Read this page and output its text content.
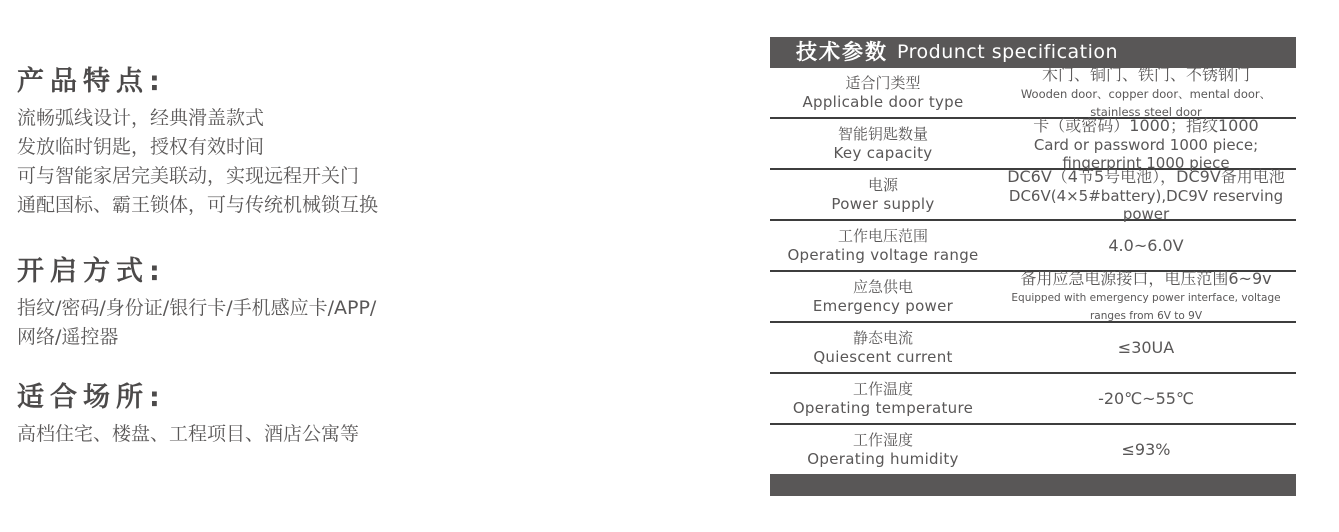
产品特点:

流畅弧线设计，经典滑盖款式

发放临时钥匙，授权有效时间

可与智能家居完美联动，实现远程开关门

通配国标、霸王锁体，可与传统机械锁互换

开启方式:

指纹/密码/身份证/银行卡/手机感应卡/APP/

网络/遥控器

适合场所:

高档住宅、楼盘、工程项目、酒店公寓等

技术参数 Produnct specification
适合门类型
Applicable door type
木门、铜门、铁门、不锈钢门
Wooden door、copper door、mental door、stainless steel door
智能钥匙数量
Key capacity
卡（或密码）1000；指纹1000
Card or password 1000 piece; fingerprint 1000 piece
电源
Power supply
DC6V（4节5号电池），DC9V备用电池
DC6V(4×5#battery),DC9V reserving power
工作电压范围
Operating voltage range
4.0~6.0V
应急供电
Emergency power
备用应急电源接口，电压范围6~9v
Equipped with emergency power interface, voltage ranges from 6V to 9V
静态电流
Quiescent current
≤30UA
工作温度
Operating temperature
-20℃~55℃
工作湿度
Operating humidity
≤93%
